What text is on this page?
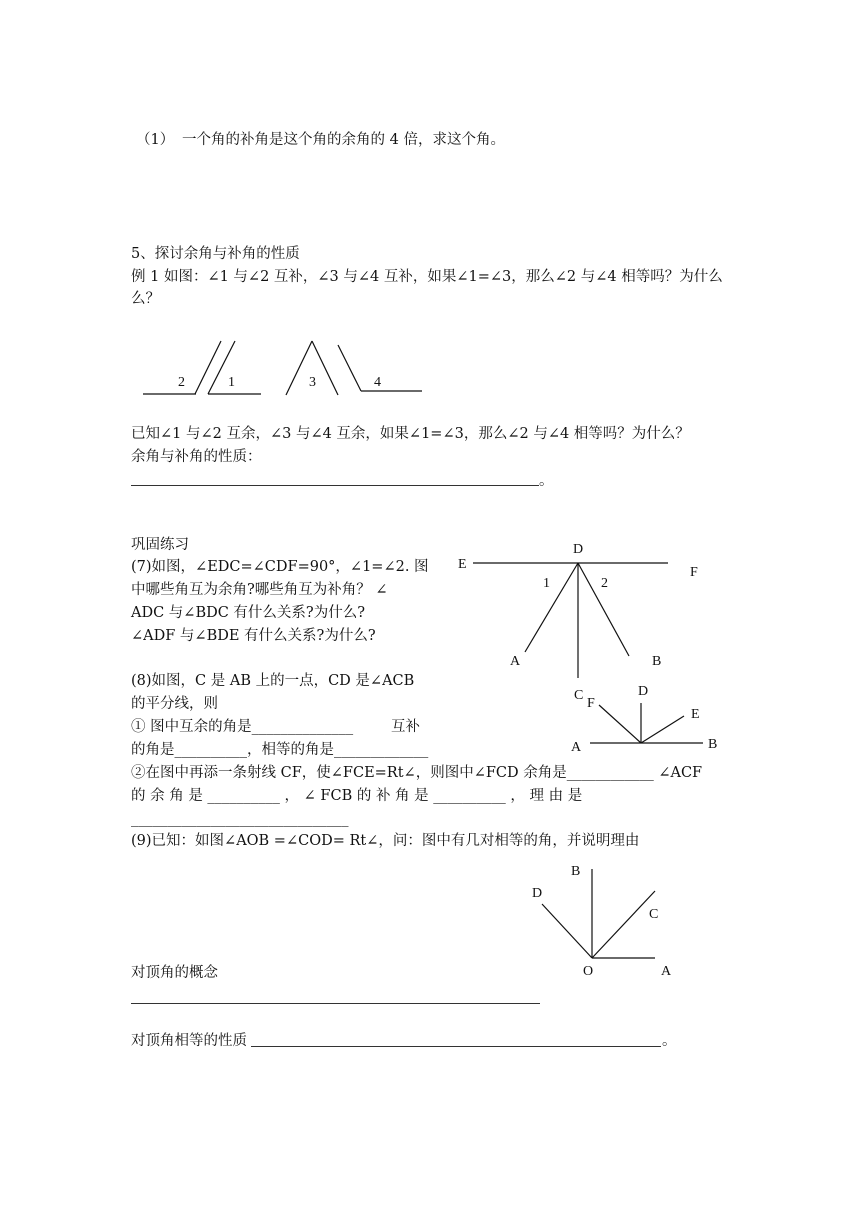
（1） 一个角的补角是这个角的余角的 4 倍，求这个角。
5、探讨余角与补角的性质
例 1 如图：∠1 与∠2 互补，∠3 与∠4 互补，如果∠1=∠3，那么∠2 与∠4 相等吗？为什么
么？
2	1	3	4
已知∠1 与∠2 互余，∠3 与∠4 互余，如果∠1=∠3，那么∠2 与∠4 相等吗？为什么？
余角与补角的性质：
。
巩固练习
(7)如图，∠EDC=∠CDF=90°，∠1=∠2. 图
中哪些角互为余角?哪些角互为补角？ ∠
ADC 与∠BDC 有什么关系?为什么?
∠ADF 与∠BDE 有什么关系?为什么?
D
E
F
1	2
A	B
C
(8)如图，C 是 AB 上的一点，CD 是∠ACB
的平分线，则
① 图中互余的角是______________	互补
的角是__________，相等的角是_____________
②在图中再添一条射线 CF，使∠FCE=Rt∠，则图中∠FCD 余角是____________ ∠ACF
的 余 角 是 __________ ， ∠ FCB 的 补 角 是 __________ ， 理 由 是
______________________________
D
F
E
A	B
(9)已知：如图∠AOB =∠COD= Rt∠，问：图中有几对相等的角，并说明理由
B
D
C
O	A
对顶角的概念
对顶角相等的性质	。
